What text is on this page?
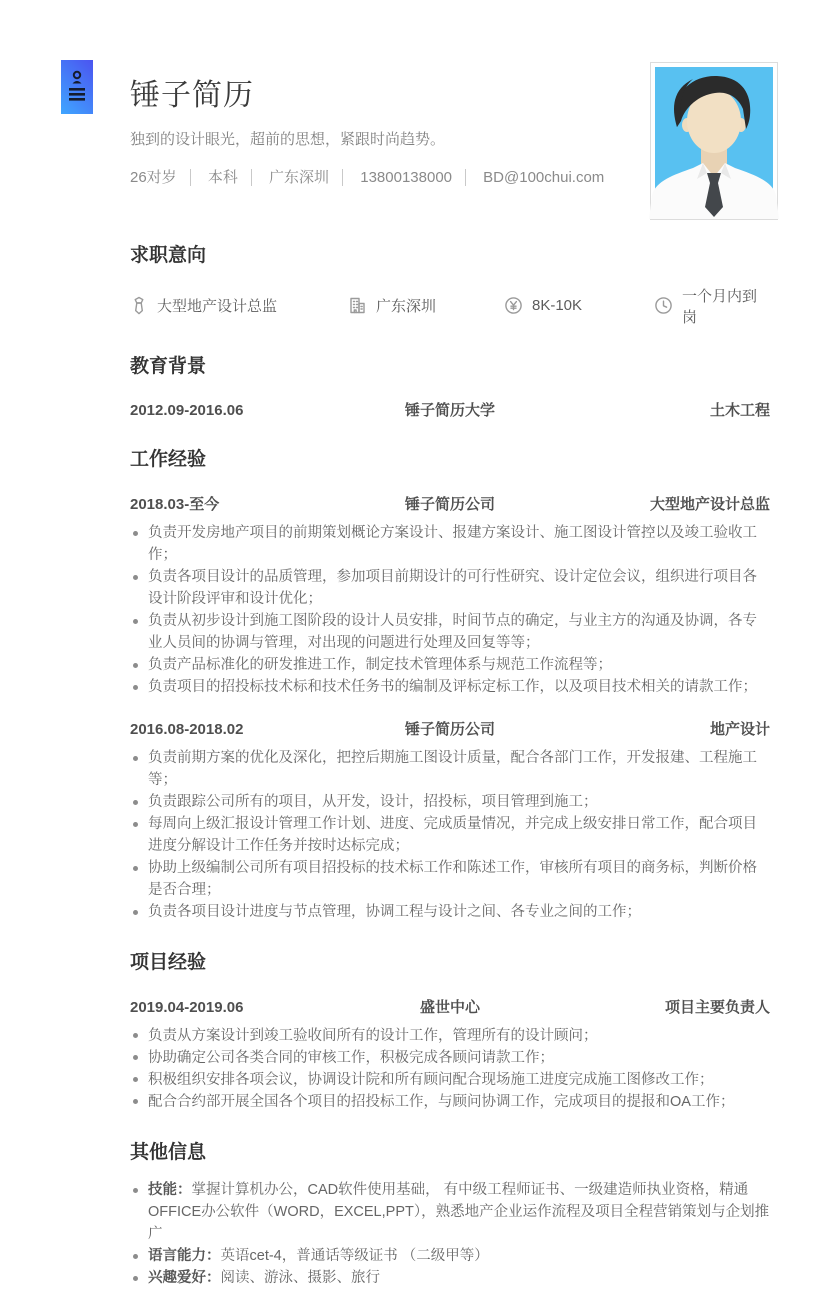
锤子简历
独到的设计眼光，超前的思想，紧跟时尚趋势。
26对岁 本科 广东深圳 13800138000 BD@100chui.com
求职意向
大型地产设计总监	广东深圳	8K-10K
一个月内到岗
教育背景
2012.09-2016.06	锤子简历大学	土木工程
工作经验
2018.03-至今	锤子简历公司	大型地产设计总监
负责开发房地产项目的前期策划概论方案设计、报建方案设计、施工图设计管控以及竣工验收工作；
负责各项目设计的品质管理，参加项目前期设计的可行性研究、设计定位会议，组织进行项目各设计阶段评审和设计优化；
负责从初步设计到施工图阶段的设计人员安排，时间节点的确定，与业主方的沟通及协调，各专业人员间的协调与管理，对出现的问题进行处理及回复等等；
负责产品标准化的研发推进工作，制定技术管理体系与规范工作流程等；
负责项目的招投标技术标和技术任务书的编制及评标定标工作，以及项目技术相关的请款工作；
2016.08-2018.02	锤子简历公司	地产设计
负责前期方案的优化及深化，把控后期施工图设计质量，配合各部门工作，开发报建、工程施工等；
负责跟踪公司所有的项目，从开发，设计，招投标，项目管理到施工；
每周向上级汇报设计管理工作计划、进度、完成质量情况，并完成上级安排日常工作，配合项目进度分解设计工作任务并按时达标完成；
协助上级编制公司所有项目招投标的技术标工作和陈述工作，审核所有项目的商务标，判断价格是否合理；
负责各项目设计进度与节点管理，协调工程与设计之间、各专业之间的工作；
项目经验
2019.04-2019.06	盛世中心	项目主要负责人
负责从方案设计到竣工验收间所有的设计工作，管理所有的设计顾问；
协助确定公司各类合同的审核工作，积极完成各顾问请款工作；
积极组织安排各项会议，协调设计院和所有顾问配合现场施工进度完成施工图修改工作；
配合合约部开展全国各个项目的招投标工作，与顾问协调工作，完成项目的提报和OA工作；
其他信息
技能：掌握计算机办公，CAD软件使用基础， 有中级工程师证书、一级建造师执业资格，精通OFFICE办公软件（WORD，EXCEL,PPT），熟悉地产企业运作流程及项目全程营销策划与企划推广
语言能力：英语cet-4，普通话等级证书 （二级甲等）
兴趣爱好：阅读、游泳、摄影、旅行
